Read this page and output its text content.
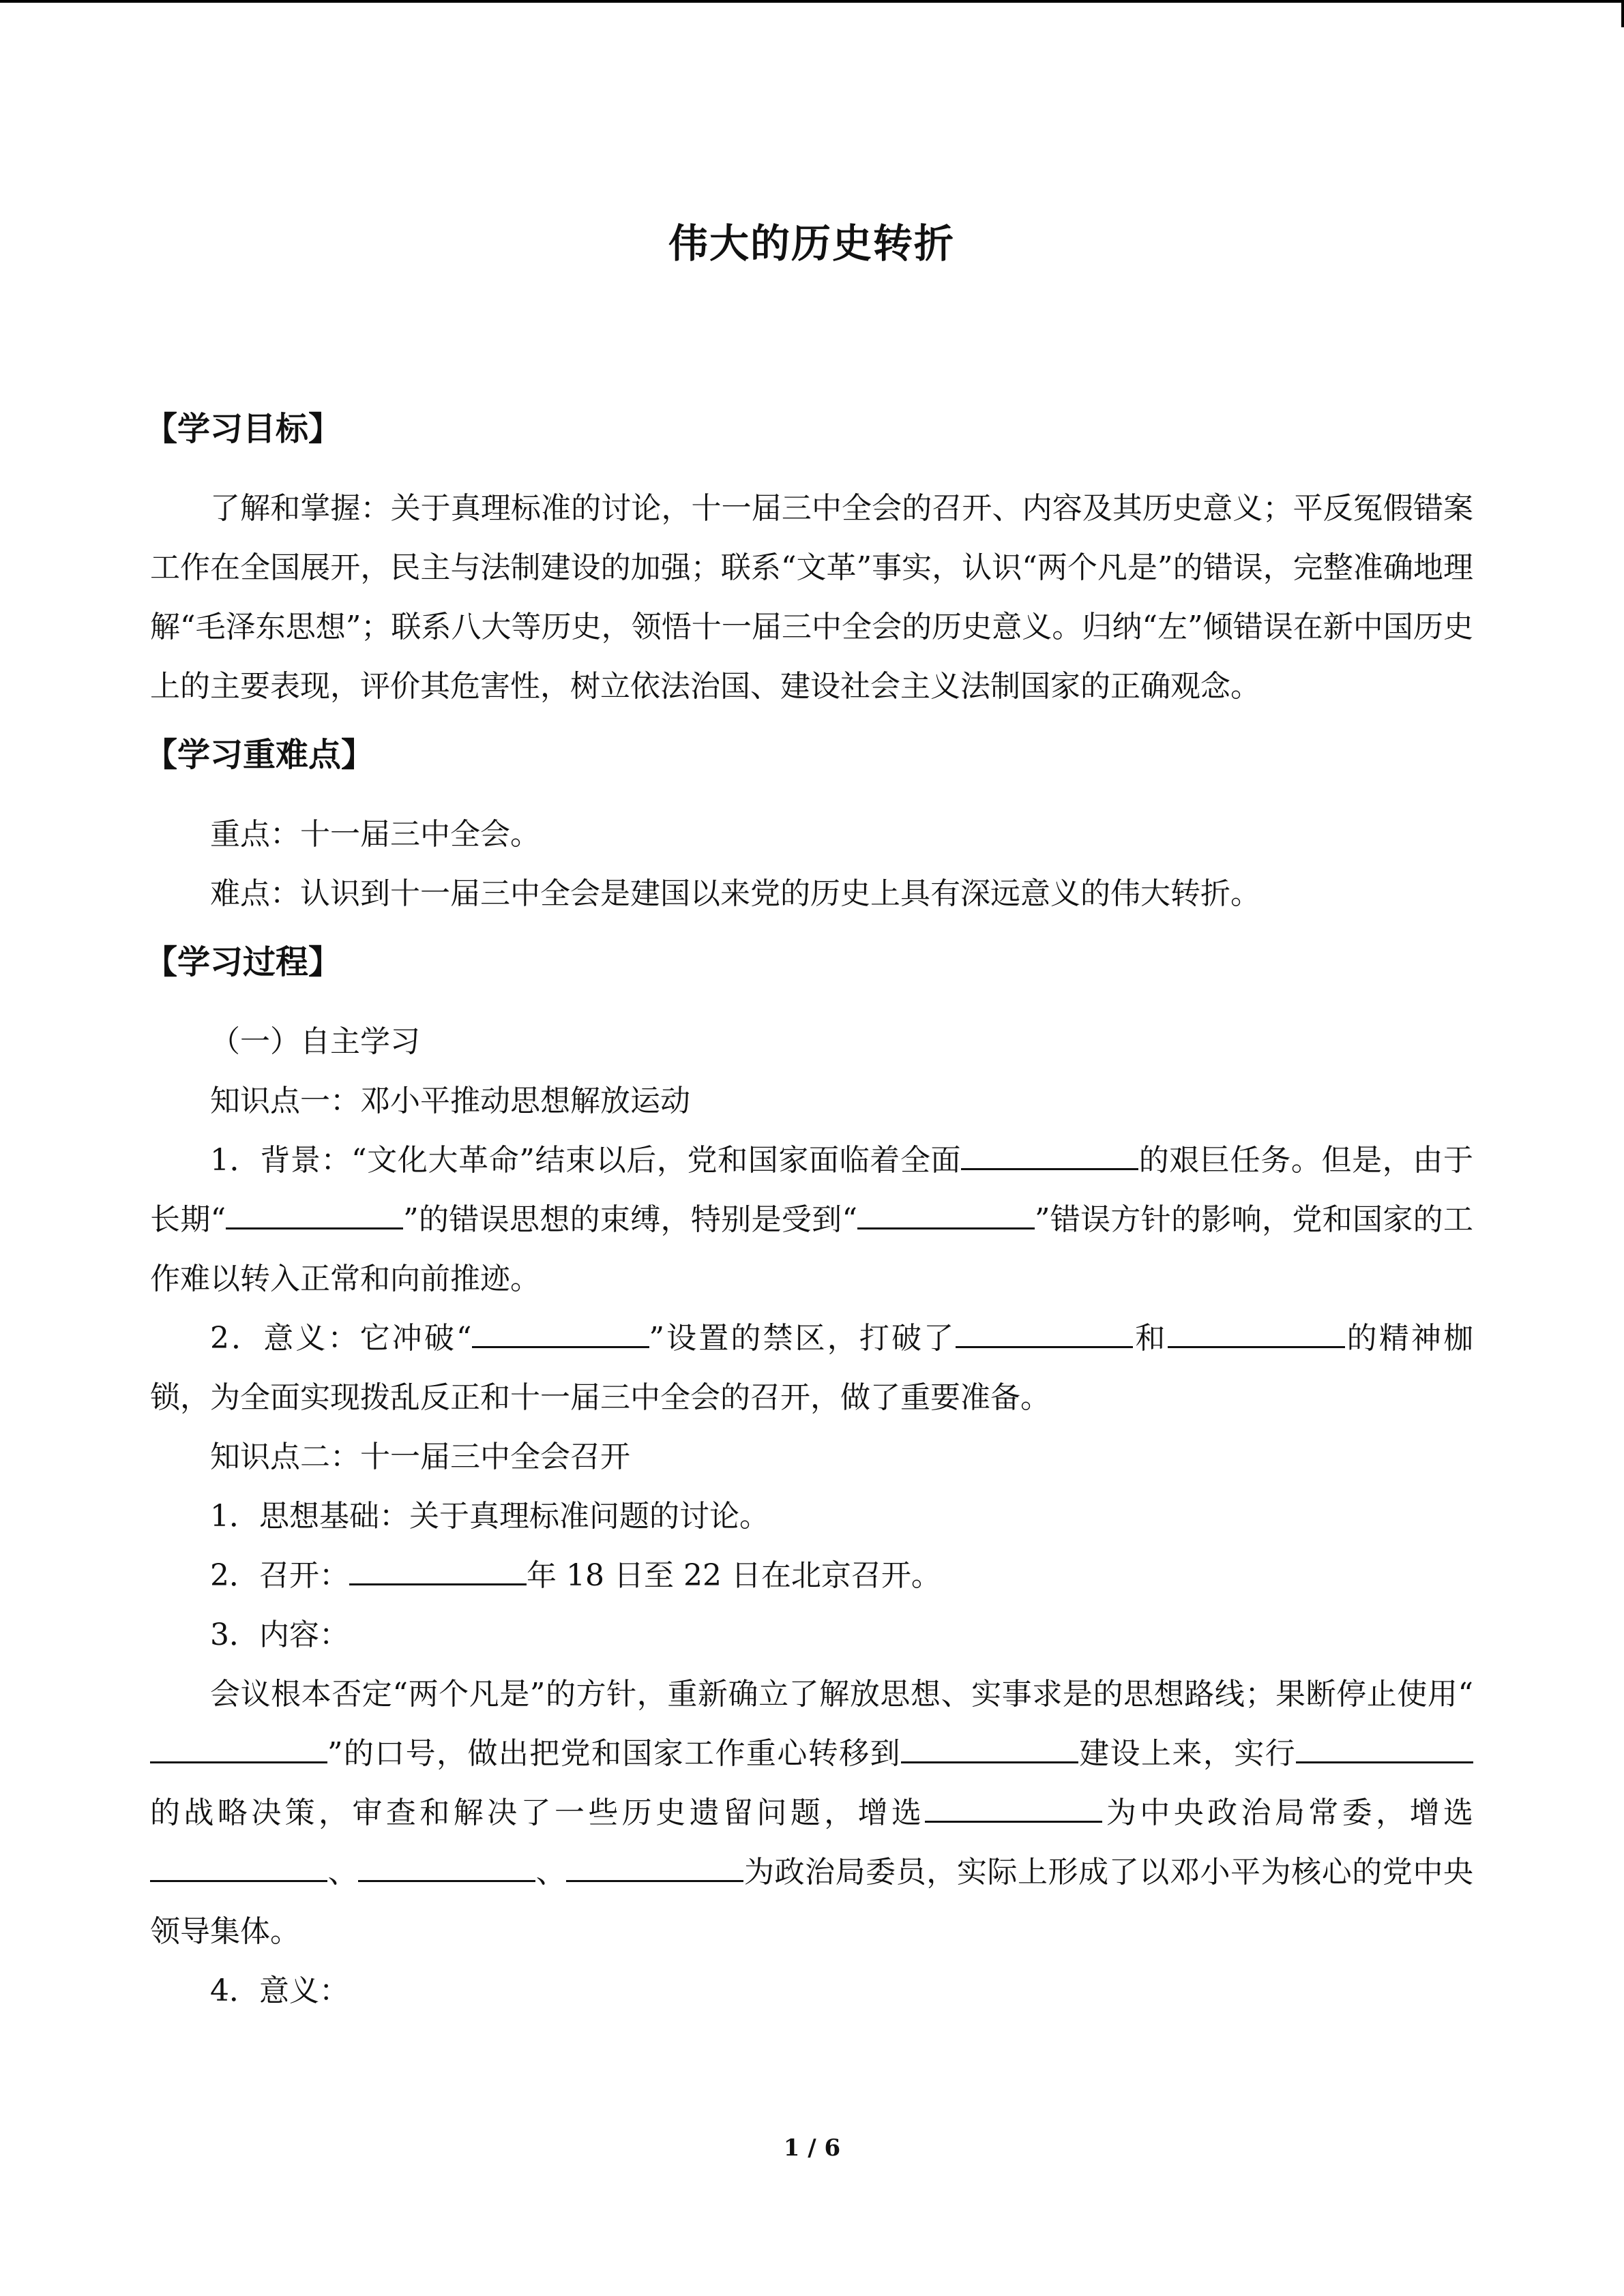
伟大的历史转折
【学习目标】

了解和掌握：关于真理标准的讨论，十一届三中全会的召开、内容及其历史意义；平反冤假错案工作在全国展开，民主与法制建设的加强；联系“文革”事实，认识“两个凡是”的错误，完整准确地理解“毛泽东思想”；联系八大等历史，领悟十一届三中全会的历史意义。归纳“左”倾错误在新中国历史上的主要表现，评价其危害性，树立依法治国、建设社会主义法制国家的正确观念。

【学习重难点】

重点：十一届三中全会。

难点：认识到十一届三中全会是建国以来党的历史上具有深远意义的伟大转折。

【学习过程】

（一）自主学习

知识点一：邓小平推动思想解放运动

1．背景：“文化大革命”结束以后，党和国家面临着全面	的艰巨任务。但是，由于长期“	”的错误思想的束缚，特别是受到“	”错误方针的影响，党和国家的工作难以转入正常和向前推迹。

2．意义：它冲破“	”设置的禁区，打破了	和	的精神枷锁，为全面实现拨乱反正和十一届三中全会的召开，做了重要准备。

知识点二：十一届三中全会召开

1．思想基础：关于真理标准问题的讨论。

2．召开：	年 18 日至 22 日在北京召开。

3．内容：

会议根本否定“两个凡是”的方针，重新确立了解放思想、实事求是的思想路线；果断停止使用“”的口号，做出把党和国家工作重心转移到	建设上来，实行的战略决策，审查和解决了一些历史遗留问题，增选	为中央政治局常委，增选、	、	为政治局委员，实际上形成了以邓小平为核心的党中央领导集体。

4．意义：

1 / 6
